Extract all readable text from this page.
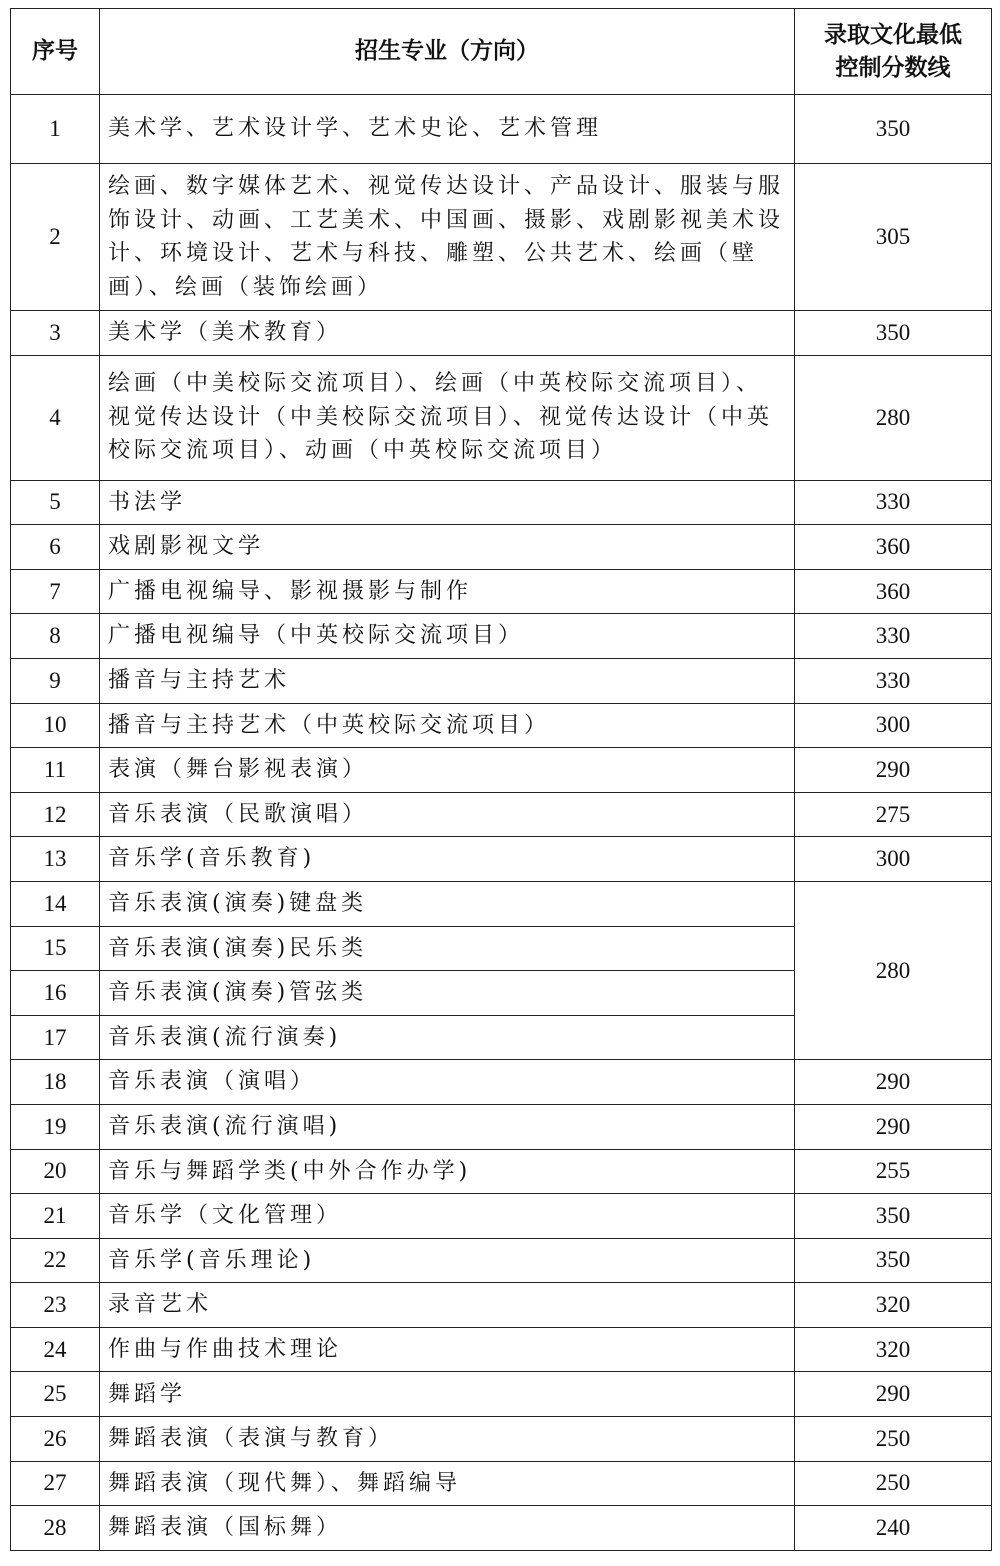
序号	招生专业（方向）	录取文化最低
控制分数线
1	美术学、艺术设计学、艺术史论、艺术管理	350
2	绘画、数字媒体艺术、视觉传达设计、产品设计、服装与服饰设计、动画、工艺美术、中国画、摄影、戏剧影视美术设计、环境设计、艺术与科技、雕塑、公共艺术、绘画（壁画）、绘画（装饰绘画）	305
3	美术学（美术教育）	350
4	绘画（中美校际交流项目）、绘画（中英校际交流项目）、视觉传达设计（中美校际交流项目）、视觉传达设计（中英校际交流项目）、动画（中英校际交流项目）	280
5	书法学	330
6	戏剧影视文学	360
7	广播电视编导、影视摄影与制作	360
8	广播电视编导（中英校际交流项目）	330
9	播音与主持艺术	330
10	播音与主持艺术（中英校际交流项目）	300
11	表演（舞台影视表演）	290
12	音乐表演（民歌演唱）	275
13	音乐学(音乐教育)	300
14	音乐表演(演奏)键盘类	280
15	音乐表演(演奏)民乐类	
16	音乐表演(演奏)管弦类	
17	音乐表演(流行演奏)	
18	音乐表演（演唱）	290
19	音乐表演(流行演唱)	290
20	音乐与舞蹈学类(中外合作办学)	255
21	音乐学（文化管理）	350
22	音乐学(音乐理论)	350
23	录音艺术	320
24	作曲与作曲技术理论	320
25	舞蹈学	290
26	舞蹈表演（表演与教育）	250
27	舞蹈表演（现代舞）、舞蹈编导	250
28	舞蹈表演（国标舞）	240
